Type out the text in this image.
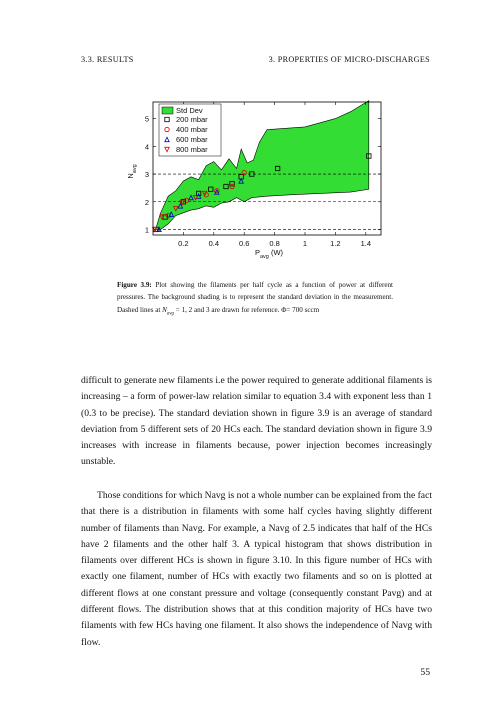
3.3. RESULTS	3. PROPERTIES OF MICRO-DISCHARGES
0.2	0.4	0.6	0.8	1	1.2	1.4
1
2
3
4
5
$P_{avg}$ (W)
$N_{avg}$
Std Dev
200 mbar
400 mbar
600 mbar
800 mbar
Figure 3.9: Plot showing the filaments per half cycle as a function of power at different pressures. The background shading is to represent the standard deviation in the measurement. Dashed lines at $N_{avg} = 1$, 2 and 3 are drawn for reference. Φ= 700 sccm

difficult to generate new filaments i.e the power required to generate additional filaments is increasing – a form of power-law relation similar to equation 3.4 with exponent less than 1 (0.3 to be precise). The standard deviation shown in figure 3.9 is an average of standard deviation from 5 different sets of 20 HCs each. The standard deviation shown in figure 3.9 increases with increase in filaments because, power injection becomes increasingly unstable.

Those conditions for which Navg is not a whole number can be explained from the fact that there is a distribution in filaments with some half cycles having slightly different number of filaments than Navg. For example, a Navg of 2.5 indicates that half of the HCs have 2 filaments and the other half 3. A typical histogram that shows distribution in filaments over different HCs is shown in figure 3.10. In this figure number of HCs with exactly one filament, number of HCs with exactly two filaments and so on is plotted at different flows at one constant pressure and voltage (consequently constant Pavg) and at different flows. The distribution shows that at this condition majority of HCs have two filaments with few HCs having one filament. It also shows the independence of Navg with flow.

55
